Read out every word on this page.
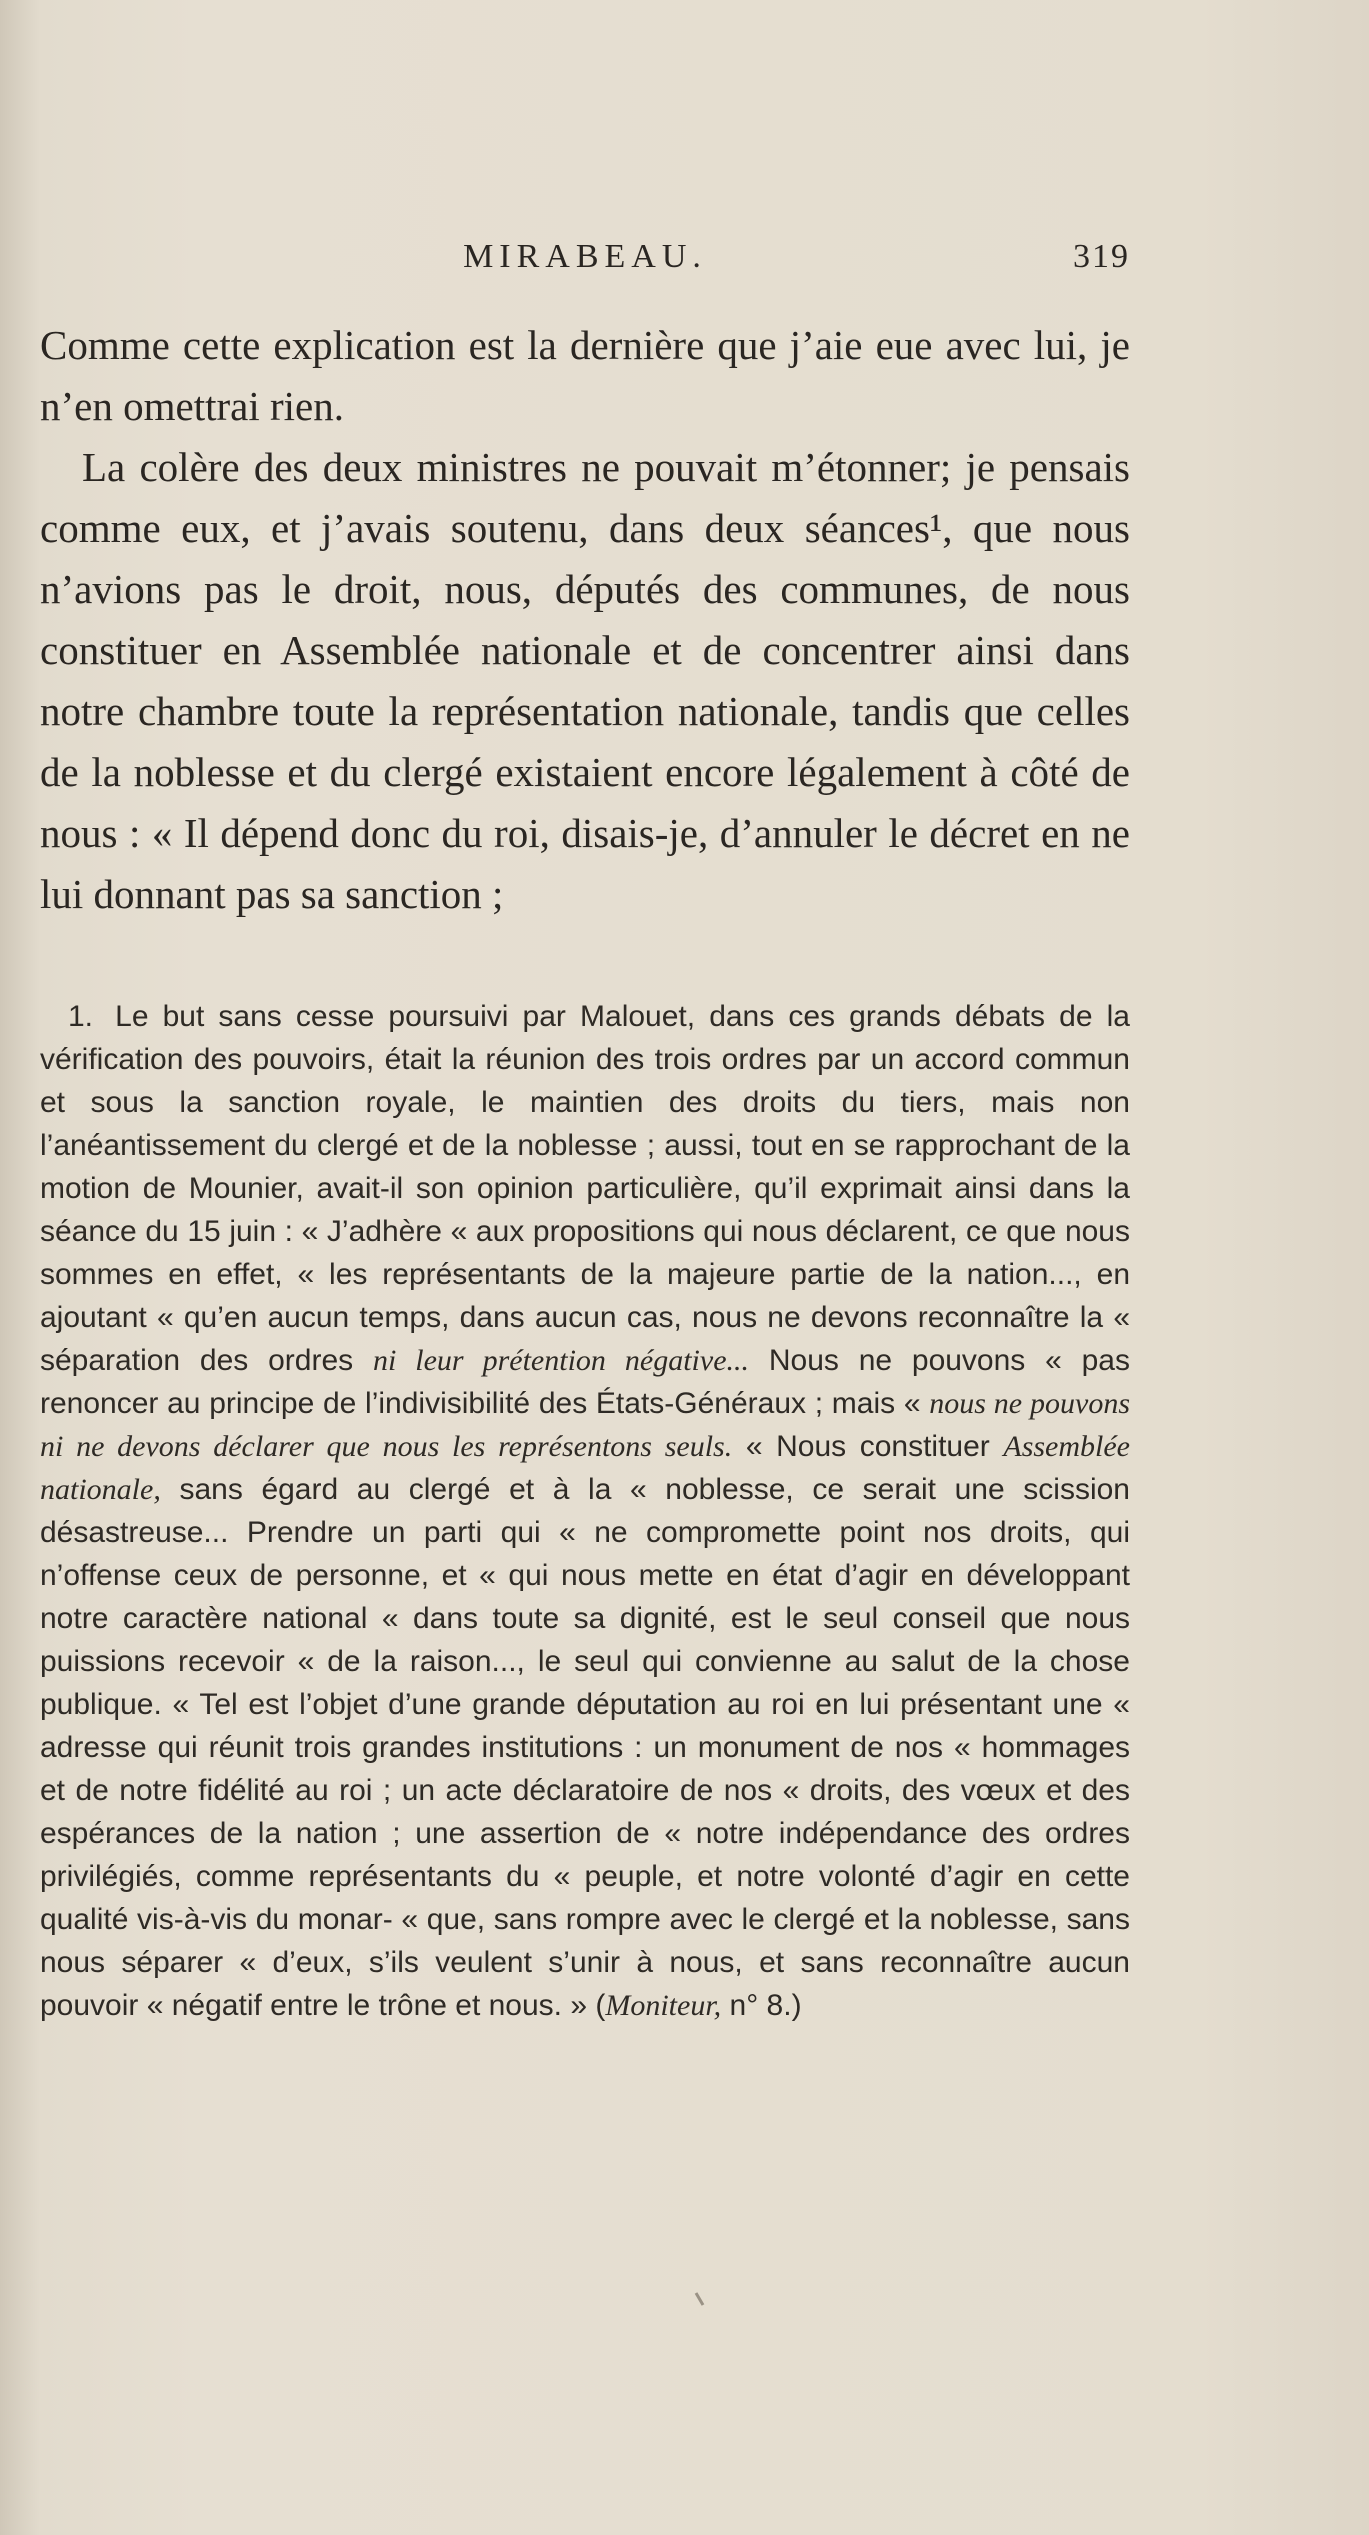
MIRABEAU.	319

Comme cette explication est la dernière que j’aie eue avec lui, je n’en omettrai rien.

La colère des deux ministres ne pouvait m’étonner; je pensais comme eux, et j’avais soutenu, dans deux séances¹, que nous n’avions pas le droit, nous, députés des communes, de nous constituer en Assemblée nationale et de concentrer ainsi dans notre chambre toute la représentation nationale, tandis que celles de la noblesse et du clergé existaient encore légalement à côté de nous : « Il dépend donc du roi, disais-je, d’annuler le décret en ne lui donnant pas sa sanction ;

1. Le but sans cesse poursuivi par Malouet, dans ces grands débats de la vérification des pouvoirs, était la réunion des trois ordres par un accord commun et sous la sanction royale, le maintien des droits du tiers, mais non l’anéantissement du clergé et de la noblesse ; aussi, tout en se rapprochant de la motion de Mounier, avait-il son opinion particulière, qu’il exprimait ainsi dans la séance du 15 juin : « J’adhère « aux propositions qui nous déclarent, ce que nous sommes en effet, « les représentants de la majeure partie de la nation..., en ajoutant « qu’en aucun temps, dans aucun cas, nous ne devons reconnaître la « séparation des ordres ni leur prétention négative... Nous ne pouvons « pas renoncer au principe de l’indivisibilité des États-Généraux ; mais « nous ne pouvons ni ne devons déclarer que nous les représentons seuls. « Nous constituer Assemblée nationale, sans égard au clergé et à la « noblesse, ce serait une scission désastreuse... Prendre un parti qui « ne compromette point nos droits, qui n’offense ceux de personne, et « qui nous mette en état d’agir en développant notre caractère national « dans toute sa dignité, est le seul conseil que nous puissions recevoir « de la raison..., le seul qui convienne au salut de la chose publique. « Tel est l’objet d’une grande députation au roi en lui présentant une « adresse qui réunit trois grandes institutions : un monument de nos « hommages et de notre fidélité au roi ; un acte déclaratoire de nos « droits, des vœux et des espérances de la nation ; une assertion de « notre indépendance des ordres privilégiés, comme représentants du « peuple, et notre volonté d’agir en cette qualité vis-à-vis du monar- « que, sans rompre avec le clergé et la noblesse, sans nous séparer « d’eux, s’ils veulent s’unir à nous, et sans reconnaître aucun pouvoir « négatif entre le trône et nous. » (Moniteur, n° 8.)
